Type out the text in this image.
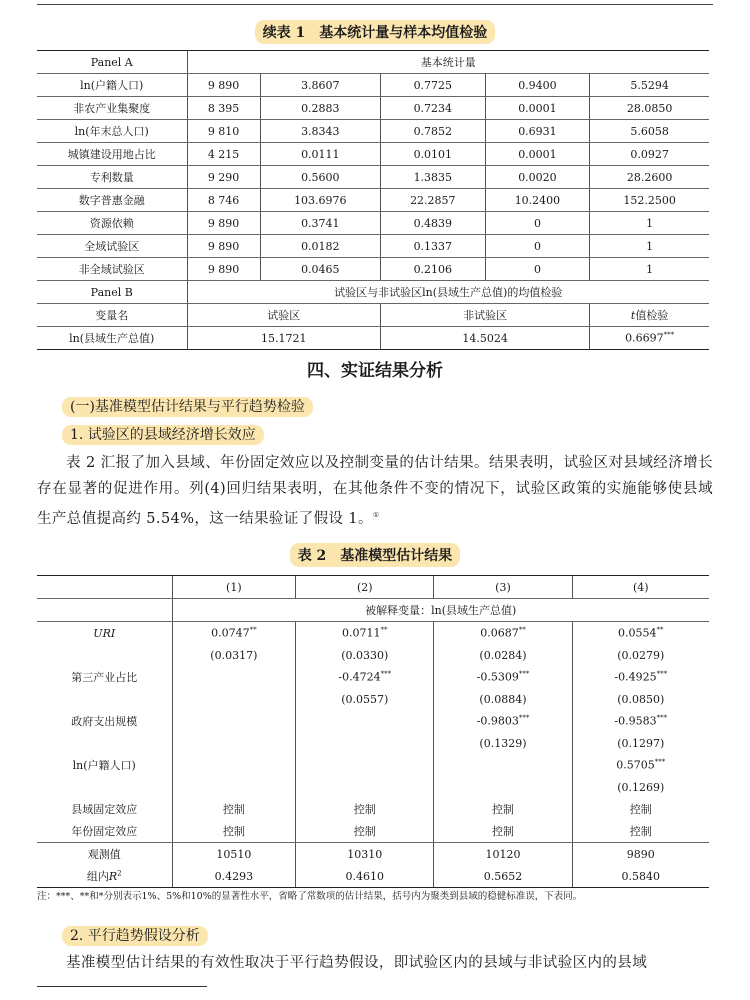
续表 1　基本统计量与样本均值检验
Panel A	基本统计量				
ln(户籍人口)	9 890	3.8607	0.7725	0.9400	5.5294
非农产业集聚度	8 395	0.2883	0.7234	0.0001	28.0850
ln(年末总人口)	9 810	3.8343	0.7852	0.6931	5.6058
城镇建设用地占比	4 215	0.0111	0.0101	0.0001	0.0927
专利数量	9 290	0.5600	1.3835	0.0020	28.2600
数字普惠金融	8 746	103.6976	22.2857	10.2400	152.2500
资源依赖	9 890	0.3741	0.4839	0	1
全域试验区	9 890	0.0182	0.1337	0	1
非全域试验区	9 890	0.0465	0.2106	0	1
Panel B	试验区与非试验区ln(县域生产总值)的均值检验				
变量名	试验区		非试验区		t值检验
ln(县域生产总值)	15.1721		14.5024		0.6697***
四、实证结果分析
(一)基准模型估计结果与平行趋势检验
1. 试验区的县域经济增长效应
表 2 汇报了加入县域、年份固定效应以及控制变量的估计结果。结果表明，试验区对县域经济增长存在显著的促进作用。列(4)回归结果表明，在其他条件不变的情况下，试验区政策的实施能够使县域生产总值提高约 5.54%，这一结果验证了假设 1。①
表 2　基准模型估计结果
	(1)	(2)	(3)	(4)
	被解释变量：ln(县域生产总值)			
URI	0.0747**	0.0711**	0.0687**	0.0554**
	(0.0317)	(0.0330)	(0.0284)	(0.0279)
第三产业占比		-0.4724***	-0.5309***	-0.4925***
		(0.0557)	(0.0884)	(0.0850)
政府支出规模			-0.9803***	-0.9583***
			(0.1329)	(0.1297)
ln(户籍人口)				0.5705***
				(0.1269)
县域固定效应	控制	控制	控制	控制
年份固定效应	控制	控制	控制	控制
观测值	10510	10310	10120	9890
组内$R^2$	0.4293	0.4610	0.5652	0.5840
注：***、**和*分别表示1%、5%和10%的显著性水平，省略了常数项的估计结果，括号内为聚类到县域的稳健标准误，下表同。
2. 平行趋势假设分析
基准模型估计结果的有效性取决于平行趋势假设，即试验区内的县域与非试验区内的县域
